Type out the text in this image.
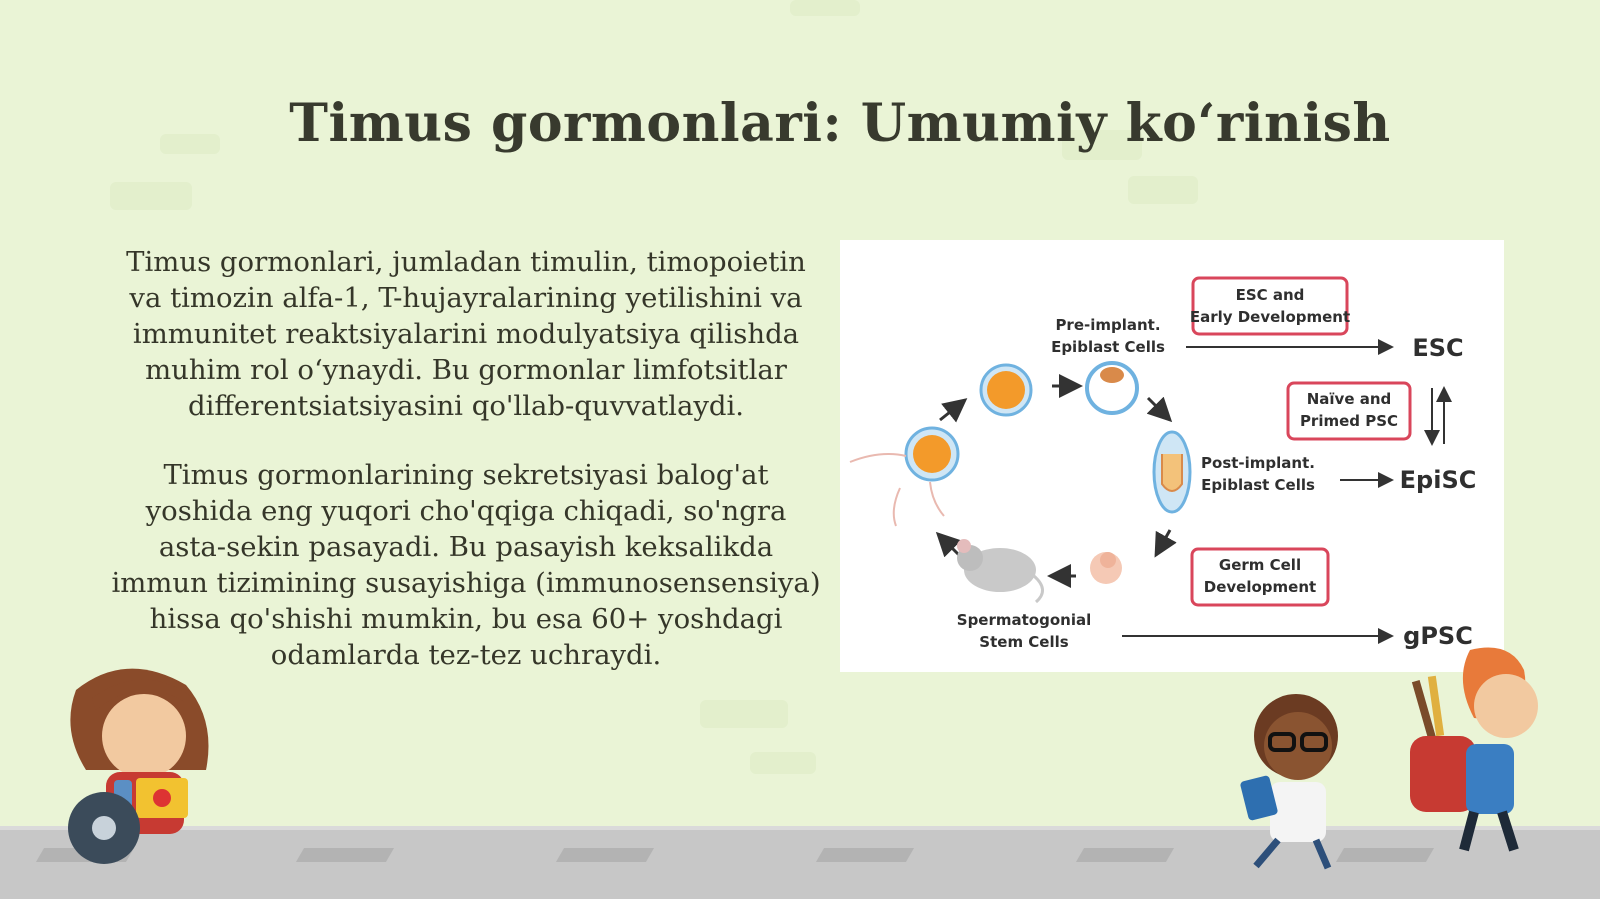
Timus gormonlari: Umumiy ko‘rinish

Timus gormonlari, jumladan timulin, timopoietin va timozin alfa-1, T-hujayralarining yetilishini va immunitet reaktsiyalarini modulyatsiya qilishda muhim rol o‘ynaydi. Bu gormonlar limfotsitlar differentsiatsiyasini qo'llab-quvvatlaydi.

Timus gormonlarining sekretsiyasi balog'at yoshida eng yuqori cho'qqiga chiqadi, so'ngra asta-sekin pasayadi. Bu pasayish keksalikda immun tizimining susayishiga (immunosensensiya) hissa qo'shishi mumkin, bu esa 60+ yoshdagi odamlarda tez-tez uchraydi.

Pre-implant.
Epiblast Cells
Post-implant.
Epiblast Cells
Spermatogonial
Stem Cells
ESC and
Early Development
Naïve and
Primed PSC
Germ Cell
Development
ESC
EpiSC
gPSC
